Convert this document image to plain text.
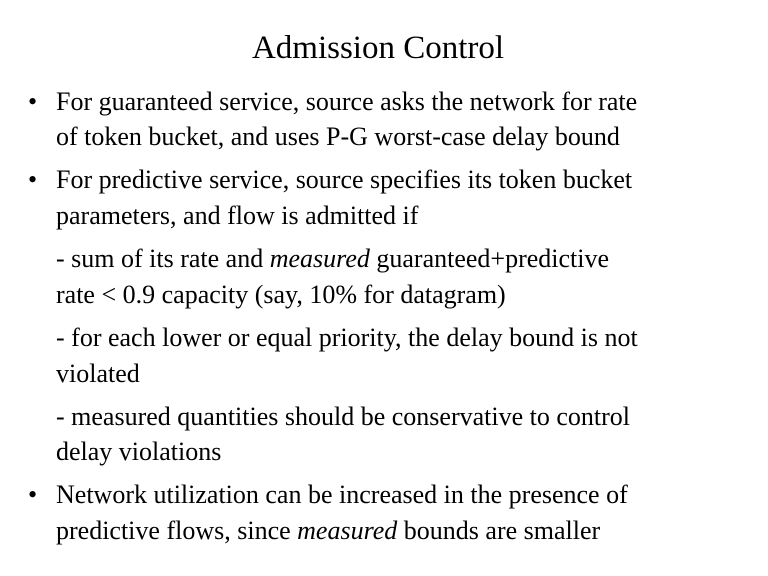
Admission Control
• For guaranteed service, source asks the network for rate
of token bucket, and uses P-G worst-case delay bound
• For predictive service, source specifies its token bucket
parameters, and flow is admitted if
- sum of its rate and measured guaranteed+predictive
rate < 0.9 capacity (say, 10% for datagram)
- for each lower or equal priority, the delay bound is not
violated
- measured quantities should be conservative to control
delay violations
• Network utilization can be increased in the presence of
predictive flows, since measured bounds are smaller
